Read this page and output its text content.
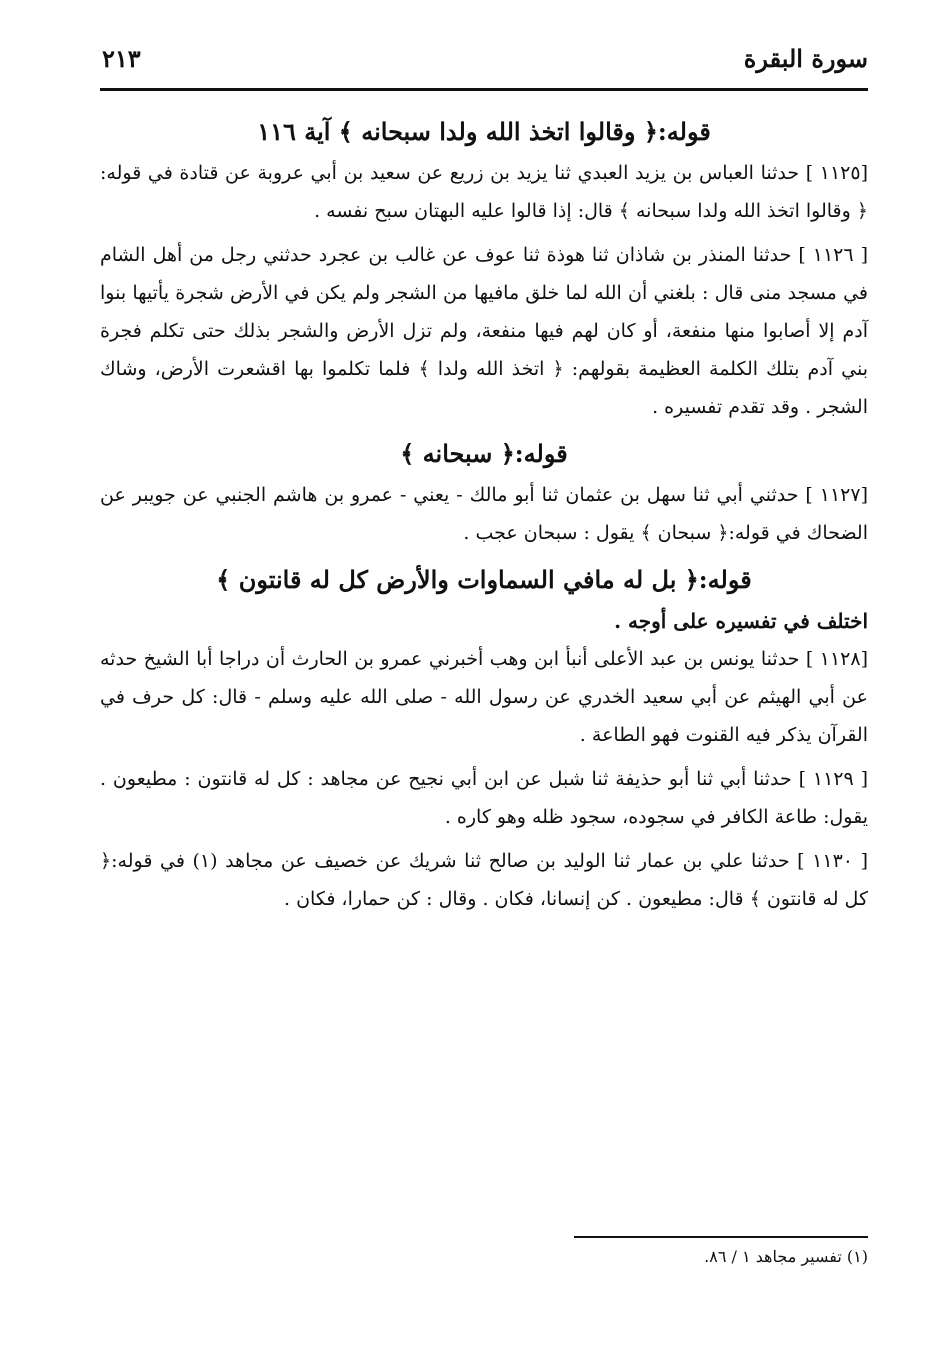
سورة البقرة
٢١٣
قوله:﴿ وقالوا اتخذ الله ولدا سبحانه ﴾ آية ١١٦

[١١٢٥ ] حدثنا العباس بن يزيد العبدي ثنا يزيد بن زريع عن سعيد بن أبي عروبة عن قتادة في قوله:﴿ وقالوا اتخذ الله ولدا سبحانه ﴾ قال: إذا قالوا عليه البهتان سبح نفسه .

[ ١١٢٦ ] حدثنا المنذر بن شاذان ثنا هوذة ثنا عوف عن غالب بن عجرد حدثني رجل من أهل الشام في مسجد منى قال : بلغني أن الله لما خلق مافيها من الشجر ولم يكن في الأرض شجرة يأتيها بنوا آدم إلا أصابوا منها منفعة، أو كان لهم فيها منفعة، ولم تزل الأرض والشجر بذلك حتى تكلم فجرة بني آدم بتلك الكلمة العظيمة بقولهم: ﴿ اتخذ الله ولدا ﴾ فلما تكلموا بها اقشعرت الأرض، وشاك الشجر . وقد تقدم تفسيره .

قوله:﴿ سبحانه ﴾

[١١٢٧ ] حدثني أبي ثنا سهل بن عثمان ثنا أبو مالك - يعني - عمرو بن هاشم الجنبي عن جويبر عن الضحاك في قوله:﴿ سبحان ﴾ يقول : سبحان عجب .

قوله:﴿ بل له مافي السماوات والأرض كل له قانتون ﴾
اختلف في تفسيره على أوجه .

[١١٢٨ ] حدثنا يونس بن عبد الأعلى أنبأ ابن وهب أخبرني عمرو بن الحارث أن دراجا أبا الشيخ حدثه عن أبي الهيثم عن أبي سعيد الخدري عن رسول الله - صلى الله عليه وسلم - قال: كل حرف في القرآن يذكر فيه القنوت فهو الطاعة .

[ ١١٢٩ ] حدثنا أبي ثنا أبو حذيفة ثنا شبل عن ابن أبي نجيح عن مجاهد : كل له قانتون : مطيعون . يقول: طاعة الكافر في سجوده، سجود ظله وهو كاره .

[ ١١٣٠ ] حدثنا علي بن عمار ثنا الوليد بن صالح ثنا شريك عن خصيف عن مجاهد (١) في قوله:﴿ كل له قانتون ﴾ قال: مطيعون . كن إنسانا، فكان . وقال : كن حمارا، فكان .

(١) تفسير مجاهد ١ / ٨٦.
